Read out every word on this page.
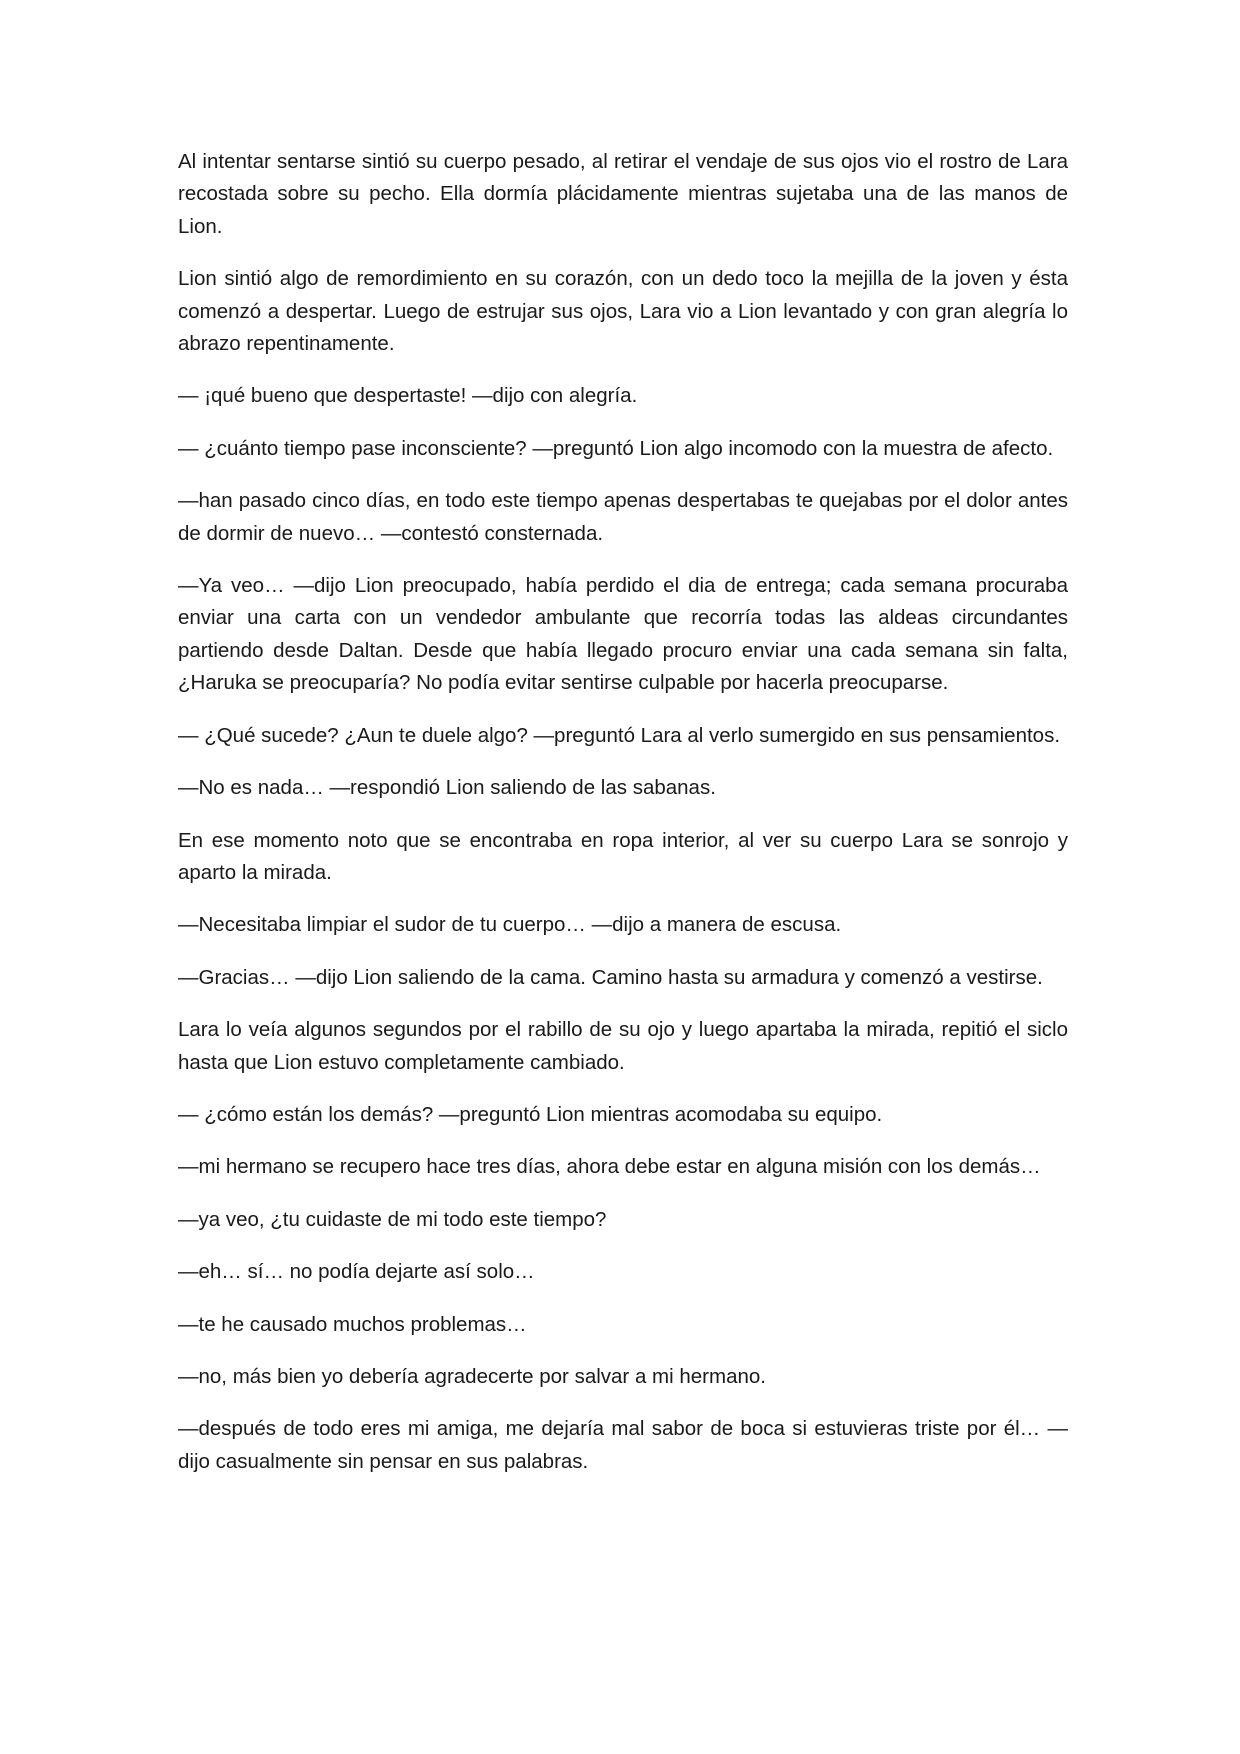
Al intentar sentarse sintió su cuerpo pesado, al retirar el vendaje de sus ojos vio el rostro de Lara recostada sobre su pecho. Ella dormía plácidamente mientras sujetaba una de las manos de Lion.

Lion sintió algo de remordimiento en su corazón, con un dedo toco la mejilla de la joven y ésta comenzó a despertar. Luego de estrujar sus ojos, Lara vio a Lion levantado y con gran alegría lo abrazo repentinamente.

— ¡qué bueno que despertaste! —dijo con alegría.

— ¿cuánto tiempo pase inconsciente? —preguntó Lion algo incomodo con la muestra de afecto.

—han pasado cinco días, en todo este tiempo apenas despertabas te quejabas por el dolor antes de dormir de nuevo… —contestó consternada.

—Ya veo… —dijo Lion preocupado, había perdido el dia de entrega; cada semana procuraba enviar una carta con un vendedor ambulante que recorría todas las aldeas circundantes partiendo desde Daltan. Desde que había llegado procuro enviar una cada semana sin falta, ¿Haruka se preocuparía? No podía evitar sentirse culpable por hacerla preocuparse.

— ¿Qué sucede? ¿Aun te duele algo? —preguntó Lara al verlo sumergido en sus pensamientos.

—No es nada… —respondió Lion saliendo de las sabanas.

En ese momento noto que se encontraba en ropa interior, al ver su cuerpo Lara se sonrojo y aparto la mirada.

—Necesitaba limpiar el sudor de tu cuerpo… —dijo a manera de escusa.

—Gracias… —dijo Lion saliendo de la cama. Camino hasta su armadura y comenzó a vestirse.

Lara lo veía algunos segundos por el rabillo de su ojo y luego apartaba la mirada, repitió el siclo hasta que Lion estuvo completamente cambiado.

— ¿cómo están los demás? —preguntó Lion mientras acomodaba su equipo.

—mi hermano se recupero hace tres días, ahora debe estar en alguna misión con los demás…

—ya veo, ¿tu cuidaste de mi todo este tiempo?

—eh… sí… no podía dejarte así solo…

—te he causado muchos problemas…

—no, más bien yo debería agradecerte por salvar a mi hermano.

—después de todo eres mi amiga, me dejaría mal sabor de boca si estuvieras triste por él… —dijo casualmente sin pensar en sus palabras.
